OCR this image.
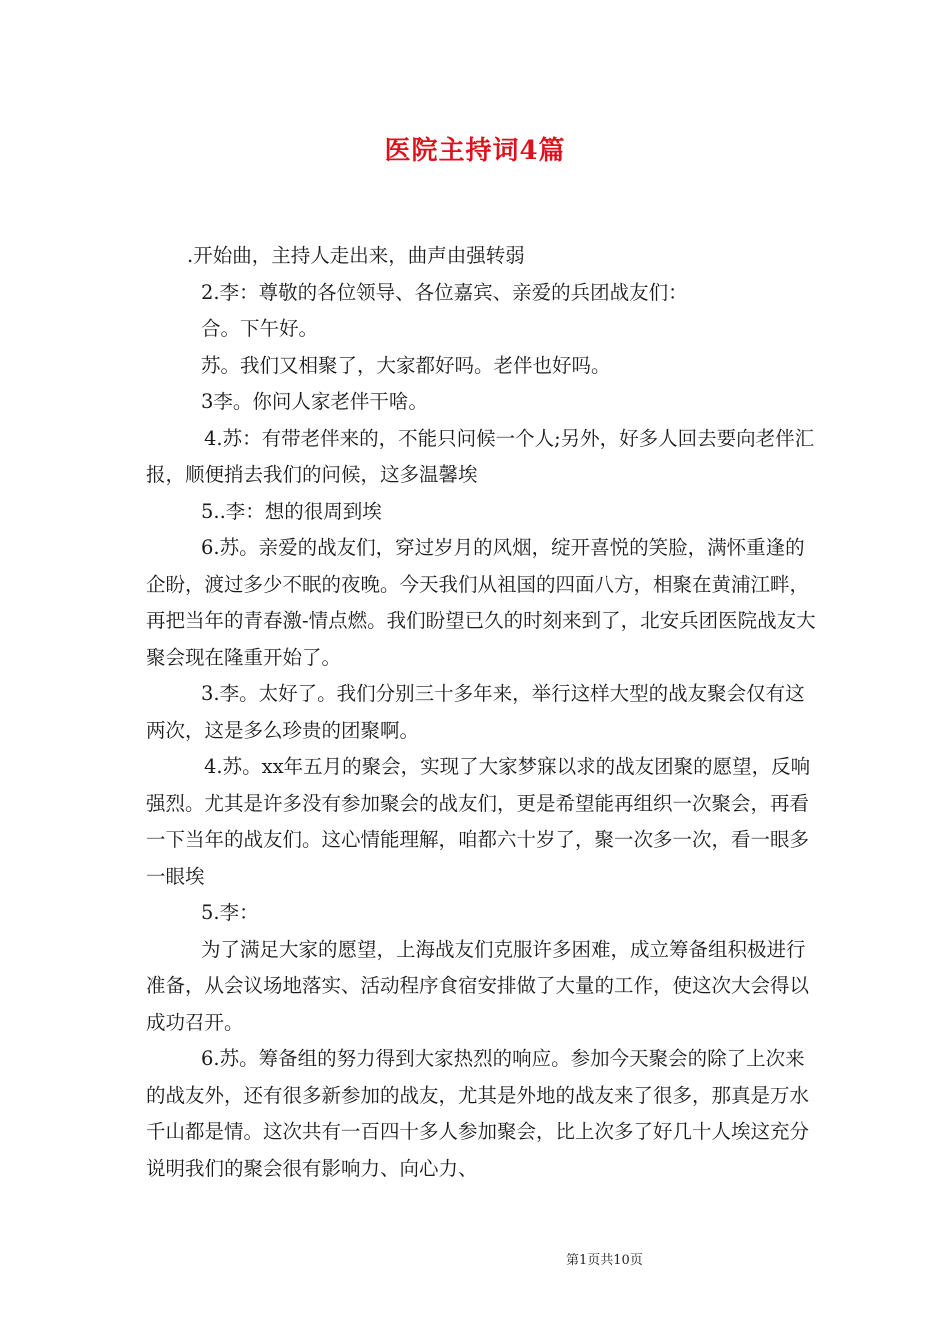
医院主持词4篇

.开始曲，主持人走出来，曲声由强转弱

2.李：尊敬的各位领导、各位嘉宾、亲爱的兵团战友们：

合。下午好。

苏。我们又相聚了，大家都好吗。老伴也好吗。

3李。你问人家老伴干啥。

4.苏：有带老伴来的，不能只问候一个人;另外，好多人回去要向老伴汇报，顺便捎去我们的问候，这多温馨埃

5..李：想的很周到埃

6.苏。亲爱的战友们，穿过岁月的风烟，绽开喜悦的笑脸，满怀重逢的企盼，渡过多少不眠的夜晚。今天我们从祖国的四面八方，相聚在黄浦江畔，再把当年的青春激-情点燃。我们盼望已久的时刻来到了，北安兵团医院战友大聚会现在隆重开始了。

3.李。太好了。我们分别三十多年来，举行这样大型的战友聚会仅有这两次，这是多么珍贵的团聚啊。

4.苏。xx年五月的聚会，实现了大家梦寐以求的战友团聚的愿望，反响强烈。尤其是许多没有参加聚会的战友们，更是希望能再组织一次聚会，再看一下当年的战友们。这心情能理解，咱都六十岁了，聚一次多一次，看一眼多一眼埃

5.李：

为了满足大家的愿望，上海战友们克服许多困难，成立筹备组积极进行准备，从会议场地落实、活动程序食宿安排做了大量的工作，使这次大会得以成功召开。

6.苏。筹备组的努力得到大家热烈的响应。参加今天聚会的除了上次来的战友外，还有很多新参加的战友，尤其是外地的战友来了很多，那真是万水千山都是情。这次共有一百四十多人参加聚会，比上次多了好几十人埃这充分说明我们的聚会很有影响力、向心力、

第1页共10页
